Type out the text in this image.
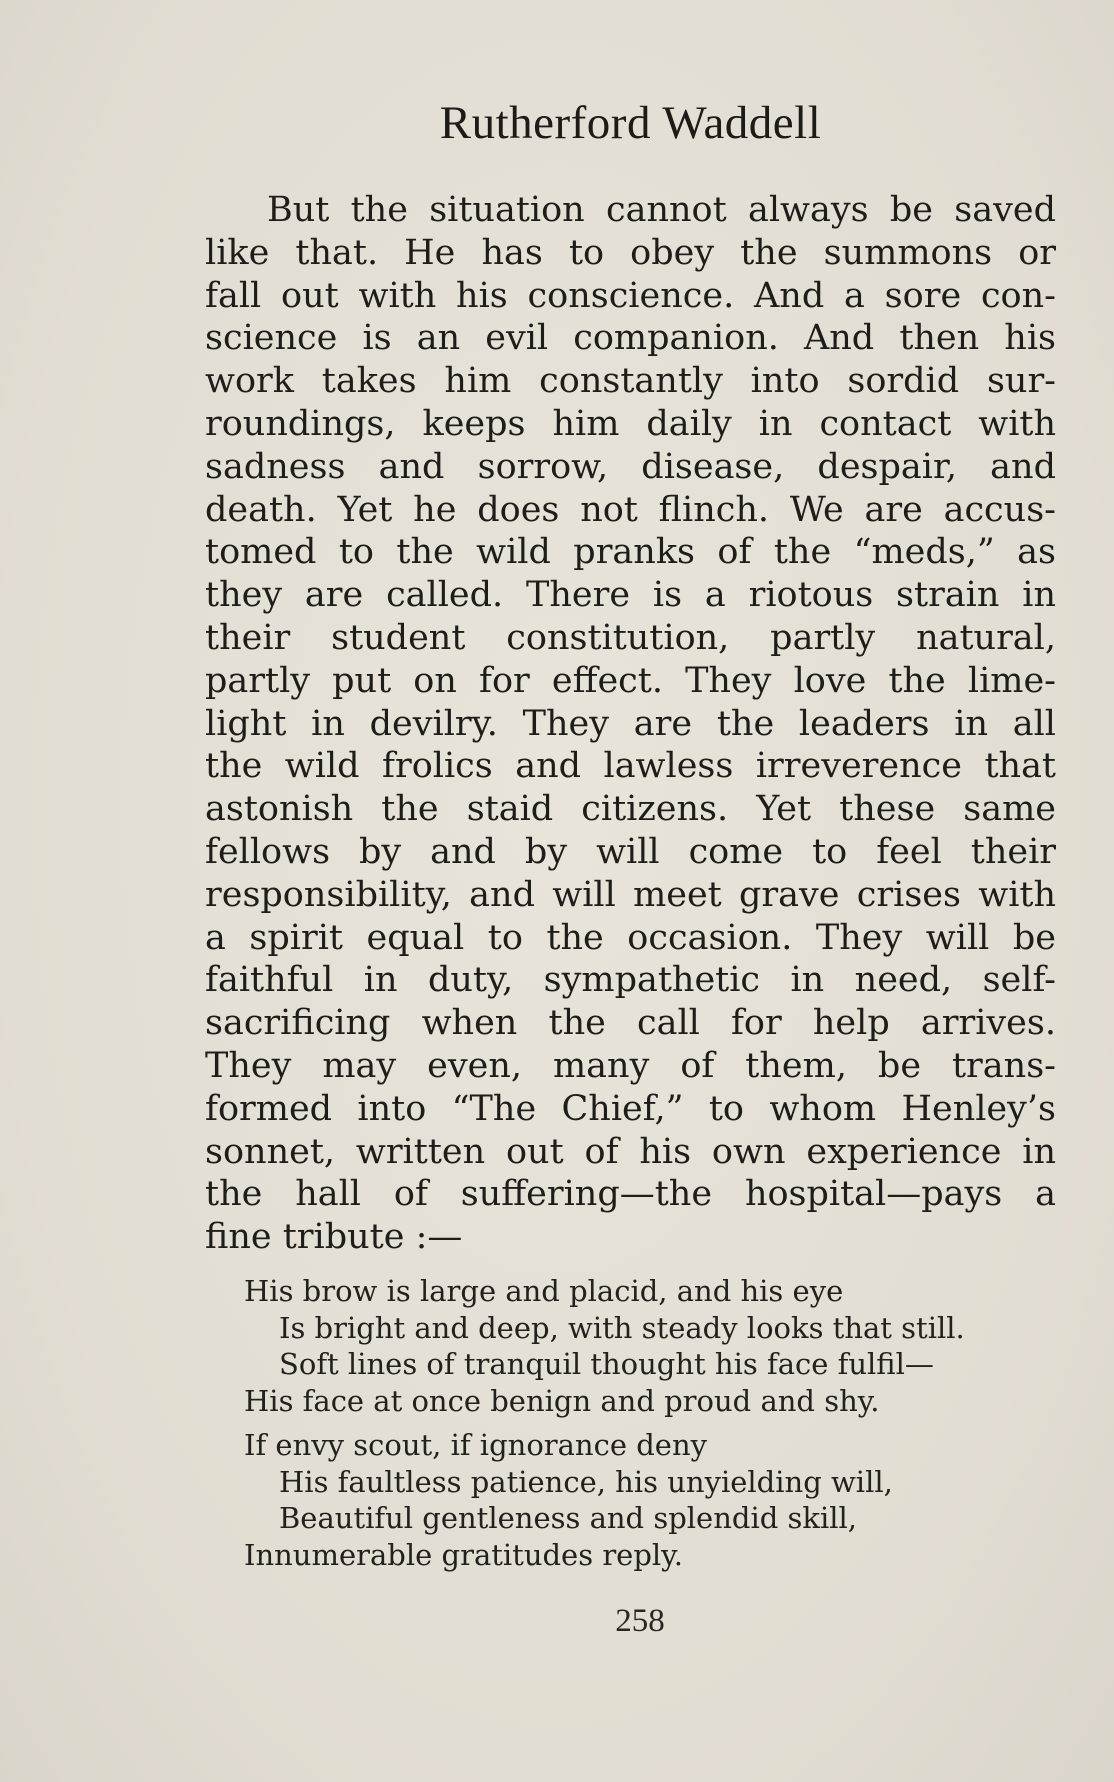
Rutherford Waddell
But the situation cannot always be saved
like that. He has to obey the summons or
fall out with his conscience. And a sore con-
science is an evil companion. And then his
work takes him constantly into sordid sur-
roundings, keeps him daily in contact with
sadness and sorrow, disease, despair, and
death. Yet he does not flinch. We are accus-
tomed to the wild pranks of the “meds,” as
they are called. There is a riotous strain in
their student constitution, partly natural,
partly put on for effect. They love the lime-
light in devilry. They are the leaders in all
the wild frolics and lawless irreverence that
astonish the staid citizens. Yet these same
fellows by and by will come to feel their
responsibility, and will meet grave crises with
a spirit equal to the occasion. They will be
faithful in duty, sympathetic in need, self-
sacrificing when the call for help arrives.
They may even, many of them, be trans-
formed into “The Chief,” to whom Henley’s
sonnet, written out of his own experience in
the hall of suffering—the hospital—pays a
fine tribute :—
His brow is large and placid, and his eye
Is bright and deep, with steady looks that still.
Soft lines of tranquil thought his face fulfil—
His face at once benign and proud and shy.
If envy scout, if ignorance deny
His faultless patience, his unyielding will,
Beautiful gentleness and splendid skill,
Innumerable gratitudes reply.
258
